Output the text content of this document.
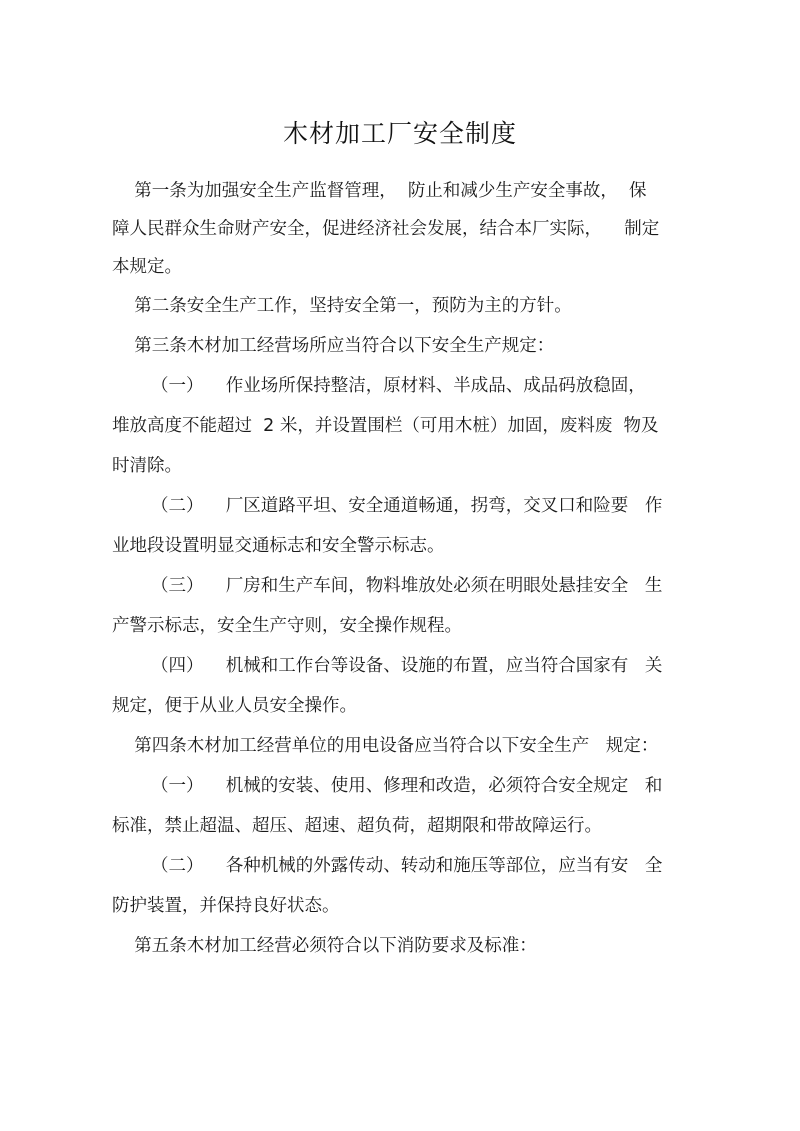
木材加工厂安全制度
第一条为加强安全生产监督管理，  防止和减少生产安全事故，  保
障人民群众生命财产安全，促进经济社会发展，结合本厂实际，    制定
本规定。
第二条安全生产工作，坚持安全第一，预防为主的方针。
第三条木材加工经营场所应当符合以下安全生产规定：
（一）    作业场所保持整洁，原材料、半成品、成品码放稳固，
堆放高度不能超过  2 米，并设置围栏（可用木桩）加固，废料废  物及
时清除。
（二）    厂区道路平坦、安全通道畅通，拐弯，交叉口和险要   作
业地段设置明显交通标志和安全警示标志。
（三）    厂房和生产车间，物料堆放处必须在明眼处悬挂安全   生
产警示标志，安全生产守则，安全操作规程。
（四）    机械和工作台等设备、设施的布置，应当符合国家有   关
规定，便于从业人员安全操作。
第四条木材加工经营单位的用电设备应当符合以下安全生产   规定：
（一）    机械的安装、使用、修理和改造，必须符合安全规定   和
标准，禁止超温、超压、超速、超负荷，超期限和带故障运行。
（二）    各种机械的外露传动、转动和施压等部位，应当有安   全
防护装置，并保持良好状态。
第五条木材加工经营必须符合以下消防要求及标准：
